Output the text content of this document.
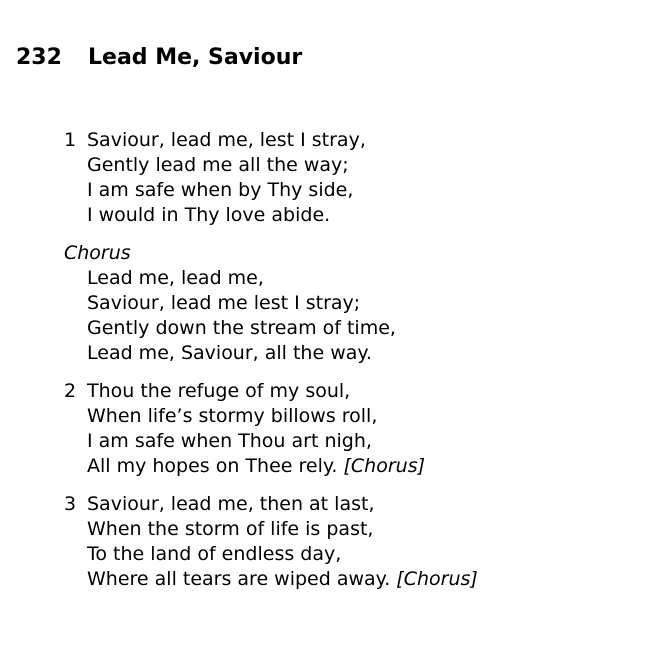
232 Lead Me, Saviour
1 Saviour, lead me, lest I stray,
Gently lead me all the way;
I am safe when by Thy side,
I would in Thy love abide.
Chorus
Lead me, lead me,
Saviour, lead me lest I stray;
Gently down the stream of time,
Lead me, Saviour, all the way.
2 Thou the refuge of my soul,
When life’s stormy billows roll,
I am safe when Thou art nigh,
All my hopes on Thee rely. [Chorus]
3 Saviour, lead me, then at last,
When the storm of life is past,
To the land of endless day,
Where all tears are wiped away. [Chorus]
